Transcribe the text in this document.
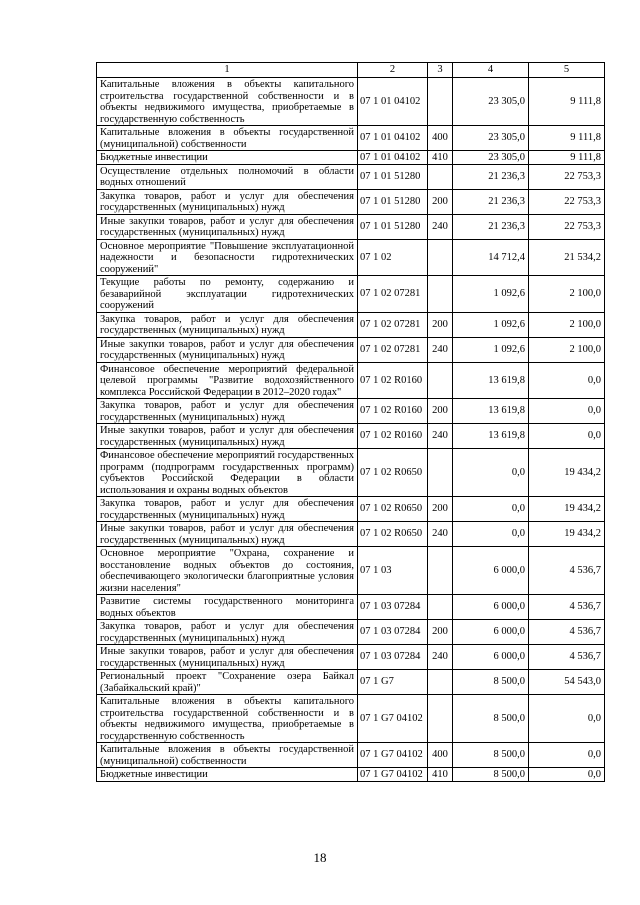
1	2	3	4	5
Капитальные вложения в объекты капитального строительства государственной собственности и в объекты недвижимого имущества, приобретаемые в государственную собственность	07 1 01 04102		23 305,0	9 111,8
Капитальные вложения в объекты государственной (муниципальной) собственности	07 1 01 04102	400	23 305,0	9 111,8
Бюджетные инвестиции	07 1 01 04102	410	23 305,0	9 111,8
Осуществление отдельных полномочий в области водных отношений	07 1 01 51280		21 236,3	22 753,3
Закупка товаров, работ и услуг для обеспечения государственных (муниципальных) нужд	07 1 01 51280	200	21 236,3	22 753,3
Иные закупки товаров, работ и услуг для обеспечения государственных (муниципальных) нужд	07 1 01 51280	240	21 236,3	22 753,3
Основное мероприятие "Повышение эксплуатационной надежности и безопасности гидротехнических сооружений"	07 1 02		14 712,4	21 534,2
Текущие работы по ремонту, содержанию и безаварийной эксплуатации гидротехнических сооружений	07 1 02 07281		1 092,6	2 100,0
Закупка товаров, работ и услуг для обеспечения государственных (муниципальных) нужд	07 1 02 07281	200	1 092,6	2 100,0
Иные закупки товаров, работ и услуг для обеспечения государственных (муниципальных) нужд	07 1 02 07281	240	1 092,6	2 100,0
Финансовое обеспечение мероприятий федеральной целевой программы "Развитие водохозяйственного комплекса Российской Федерации в 2012–2020 годах"	07 1 02 R0160		13 619,8	0,0
Закупка товаров, работ и услуг для обеспечения государственных (муниципальных) нужд	07 1 02 R0160	200	13 619,8	0,0
Иные закупки товаров, работ и услуг для обеспечения государственных (муниципальных) нужд	07 1 02 R0160	240	13 619,8	0,0
Финансовое обеспечение мероприятий государственных программ (подпрограмм государственных программ) субъектов Российской Федерации в области использования и охраны водных объектов	07 1 02 R0650		0,0	19 434,2
Закупка товаров, работ и услуг для обеспечения государственных (муниципальных) нужд	07 1 02 R0650	200	0,0	19 434,2
Иные закупки товаров, работ и услуг для обеспечения государственных (муниципальных) нужд	07 1 02 R0650	240	0,0	19 434,2
Основное мероприятие "Охрана, сохранение и восстановление водных объектов до состояния, обеспечивающего экологически благоприятные условия жизни населения"	07 1 03		6 000,0	4 536,7
Развитие системы государственного мониторинга водных объектов	07 1 03 07284		6 000,0	4 536,7
Закупка товаров, работ и услуг для обеспечения государственных (муниципальных) нужд	07 1 03 07284	200	6 000,0	4 536,7
Иные закупки товаров, работ и услуг для обеспечения государственных (муниципальных) нужд	07 1 03 07284	240	6 000,0	4 536,7
Региональный проект "Сохранение озера Байкал (Забайкальский край)"	07 1 G7		8 500,0	54 543,0
Капитальные вложения в объекты капитального строительства государственной собственности и в объекты недвижимого имущества, приобретаемые в государственную собственность	07 1 G7 04102		8 500,0	0,0
Капитальные вложения в объекты государственной (муниципальной) собственности	07 1 G7 04102	400	8 500,0	0,0
Бюджетные инвестиции	07 1 G7 04102	410	8 500,0	0,0
18
